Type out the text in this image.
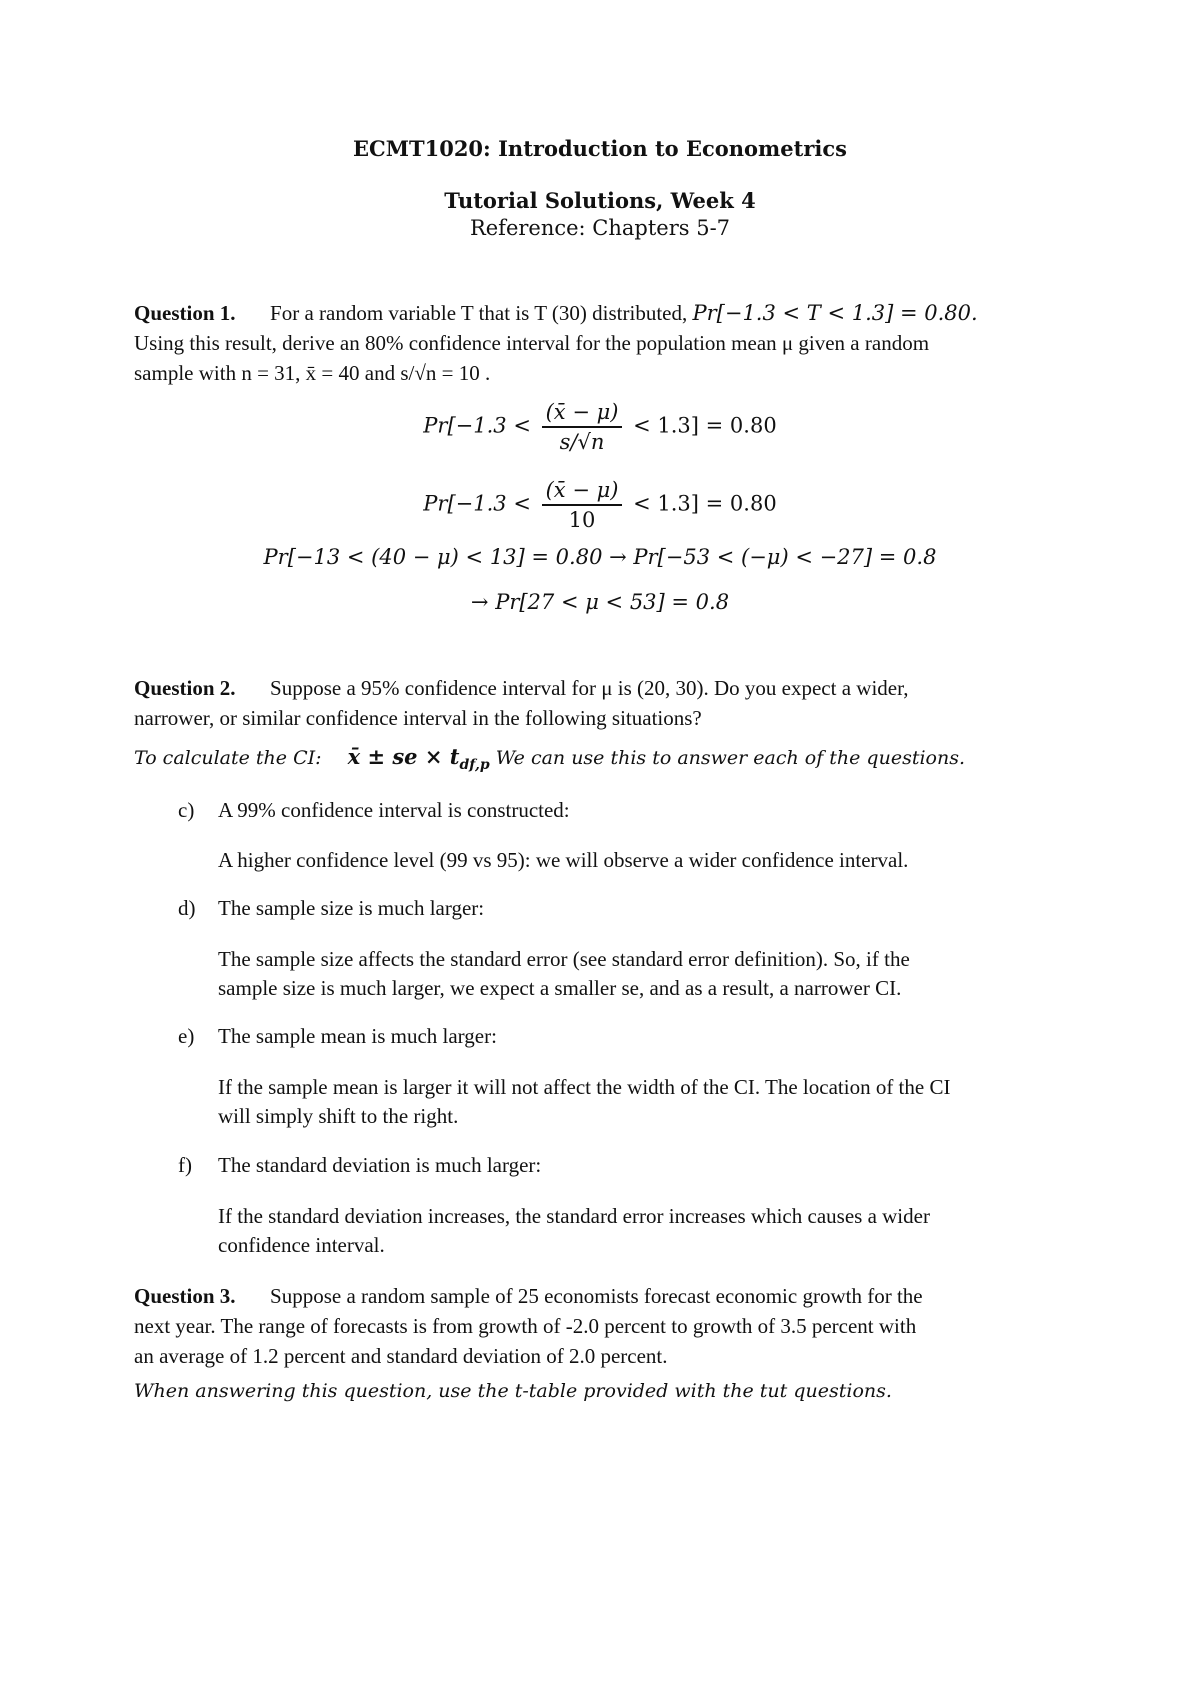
ECMT1020: Introduction to Econometrics
Tutorial Solutions, Week 4
Reference: Chapters 5-7
Question 1. For a random variable T that is T (30) distributed, Pr[−1.3 < T < 1.3] = 0.80.
Using this result, derive an 80% confidence interval for the population mean μ given a random
sample with n = 31, x̄ = 40 and s/√n = 10 .
$Pr[-1.3 < \frac{(x̄ - \mu)}{s/√n} < 1.3] = 0.80$
$Pr[-1.3 < \frac{(x̄ - \mu)}{10} < 1.3] = 0.80$
Pr[−13 < (40 − μ) < 13] = 0.80 → Pr[−53 < (−μ) < −27] = 0.8
→ Pr[27 < μ < 53] = 0.8
Question 2. Suppose a 95% confidence interval for μ is (20, 30). Do you expect a wider,
narrower, or similar confidence interval in the following situations?
To calculate the CI: x̄ ± se × $t_{df,p}$ We can use this to answer each of the questions.
c) A 99% confidence interval is constructed:
A higher confidence level (99 vs 95): we will observe a wider confidence interval.
d) The sample size is much larger:
The sample size affects the standard error (see standard error definition). So, if the
sample size is much larger, we expect a smaller se, and as a result, a narrower CI.
e) The sample mean is much larger:
If the sample mean is larger it will not affect the width of the CI. The location of the CI
will simply shift to the right.
f) The standard deviation is much larger:
If the standard deviation increases, the standard error increases which causes a wider
confidence interval.
Question 3. Suppose a random sample of 25 economists forecast economic growth for the
next year. The range of forecasts is from growth of -2.0 percent to growth of 3.5 percent with
an average of 1.2 percent and standard deviation of 2.0 percent.
When answering this question, use the t-table provided with the tut questions.
